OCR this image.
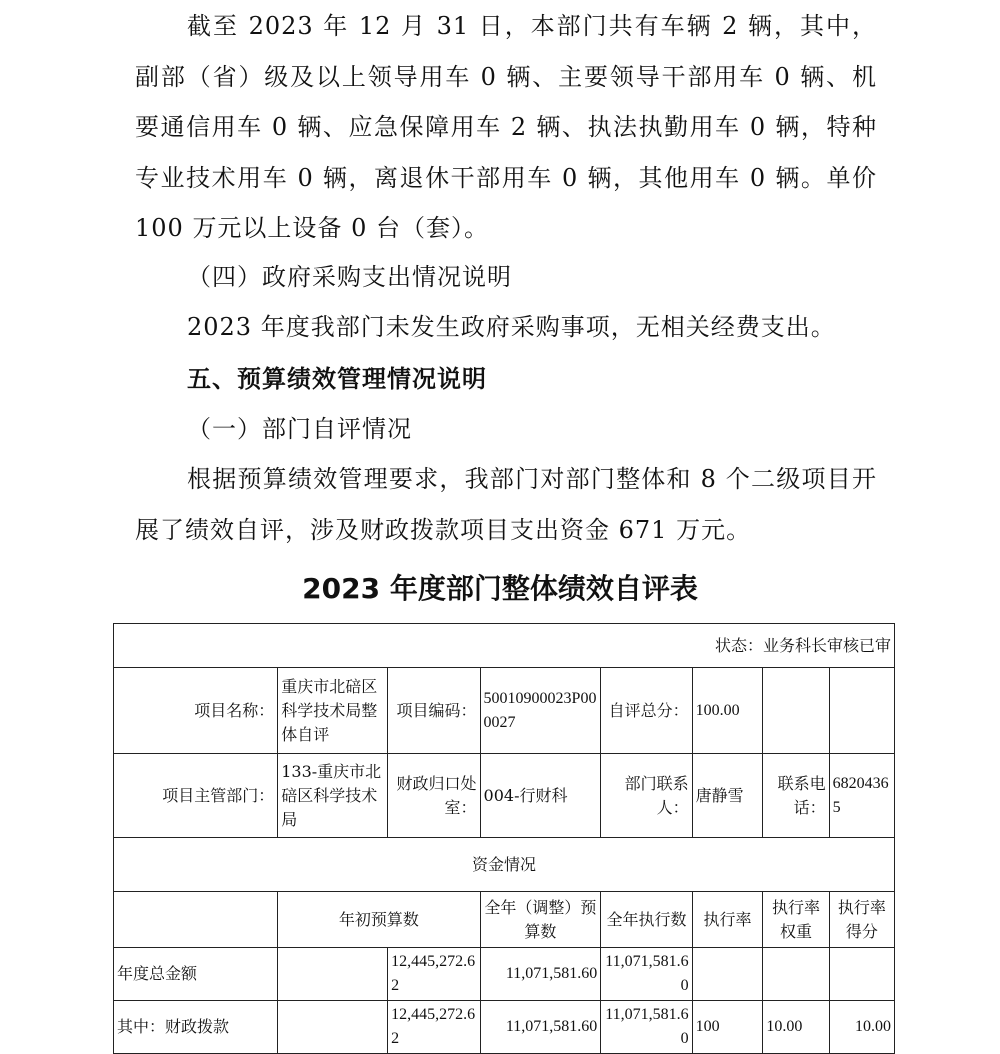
截至 2023 年 12 月 31 日，本部门共有车辆 2 辆，其中，副部（省）级及以上领导用车 0 辆、主要领导干部用车 0 辆、机要通信用车 0 辆、应急保障用车 2 辆、执法执勤用车 0 辆，特种专业技术用车 0 辆，离退休干部用车 0 辆，其他用车 0 辆。单价 100 万元以上设备 0 台（套）。
（四）政府采购支出情况说明
2023 年度我部门未发生政府采购事项，无相关经费支出。
五、预算绩效管理情况说明
（一）部门自评情况
根据预算绩效管理要求，我部门对部门整体和 8 个二级项目开展了绩效自评，涉及财政拨款项目支出资金 671 万元。
2023 年度部门整体绩效自评表
状态：业务科长审核已审							
项目名称：	重庆市北碚区科学技术局整体自评	项目编码：	50010900023P000027	自评总分：	100.00		
项目主管部门：	133-重庆市北碚区科学技术局	财政归口处室：	004-行财科	部门联系人：	唐静雪	联系电话：	68204365
资金情况							
	年初预算数		全年（调整）预算数	全年执行数	执行率	执行率权重	执行率得分
年度总金额		12,445,272.62	11,071,581.60	11,071,581.60			
其中：财政拨款		12,445,272.62	11,071,581.60	11,071,581.60	100	10.00	10.00
